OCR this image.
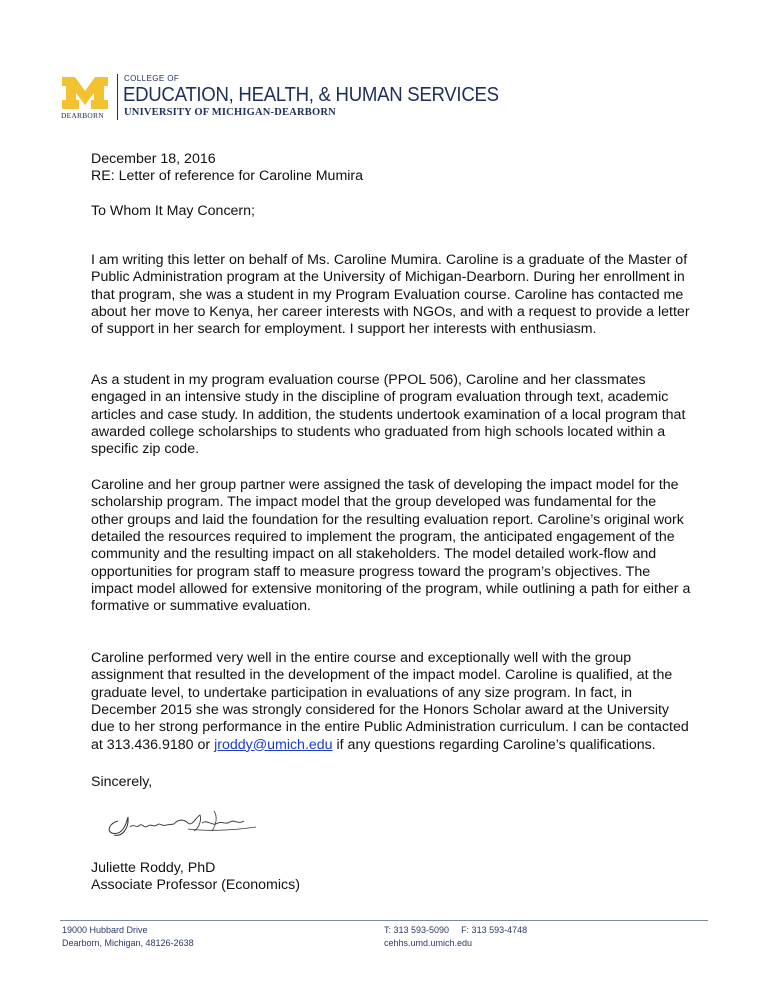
DEARBORN
COLLEGE OF
EDUCATION, HEALTH, & HUMAN SERVICES
UNIVERSITY OF MICHIGAN-DEARBORN
December 18, 2016
RE: Letter of reference for Caroline Mumira
To Whom It May Concern;

I am writing this letter on behalf of Ms. Caroline Mumira. Caroline is a graduate of the Master of Public Administration program at the University of Michigan-Dearborn. During her enrollment in that program, she was a student in my Program Evaluation course. Caroline has contacted me about her move to Kenya, her career interests with NGOs, and with a request to provide a letter of support in her search for employment. I support her interests with enthusiasm.

As a student in my program evaluation course (PPOL 506), Caroline and her classmates engaged in an intensive study in the discipline of program evaluation through text, academic articles and case study. In addition, the students undertook examination of a local program that awarded college scholarships to students who graduated from high schools located within a specific zip code.

Caroline and her group partner were assigned the task of developing the impact model for the scholarship program. The impact model that the group developed was fundamental for the other groups and laid the foundation for the resulting evaluation report. Caroline’s original work detailed the resources required to implement the program, the anticipated engagement of the community and the resulting impact on all stakeholders. The model detailed work-flow and opportunities for program staff to measure progress toward the program’s objectives. The impact model allowed for extensive monitoring of the program, while outlining a path for either a formative or summative evaluation.

Caroline performed very well in the entire course and exceptionally well with the group assignment that resulted in the development of the impact model. Caroline is qualified, at the graduate level, to undertake participation in evaluations of any size program. In fact, in December 2015 she was strongly considered for the Honors Scholar award at the University due to her strong performance in the entire Public Administration curriculum. I can be contacted at 313.436.9180 or jroddy@umich.edu if any questions regarding Caroline’s qualifications.

Sincerely,
Juliette Roddy, PhD
Associate Professor (Economics)
19000 Hubbard Drive
Dearborn, Michigan, 48126-2638
T: 313 593-5090 F: 313 593-4748
cehhs.umd.umich.edu
